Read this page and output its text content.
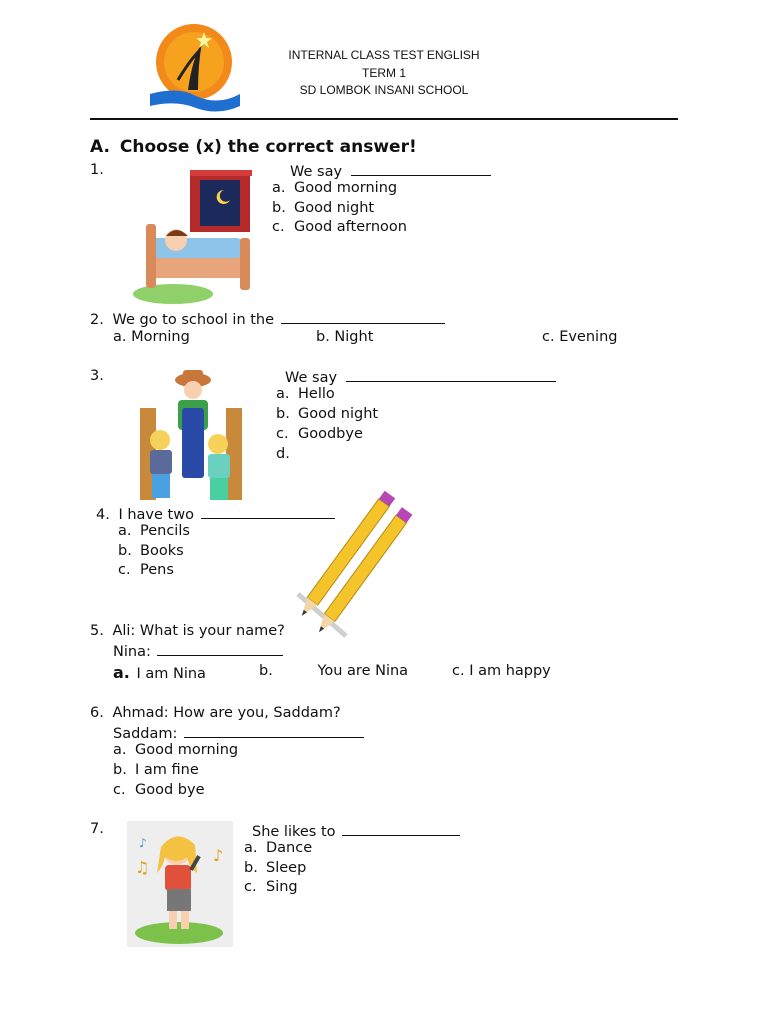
INTERNAL CLASS TEST ENGLISH
TERM 1
SD LOMBOK INSANI SCHOOL
A. Choose (x) the correct answer!
1.	We say
a. Good morning
b. Good night
c. Good afternoon
2. We go to school in the
a. Morning	b. Night	c. Evening
3.	We say
a. Hello
b. Good night
c. Goodbye
d.
4. I have two
a. Pencils
b. Books
c. Pens
5. Ali: What is your name?
Nina:
a. I am Nina	b.	You are Nina	c. I am happy
6. Ahmad: How are you, Saddam?
Saddam:
a. Good morning
b. I am fine
c. Good bye
7.
♪
♫
♪
She likes to
a. Dance
b. Sleep
c. Sing
